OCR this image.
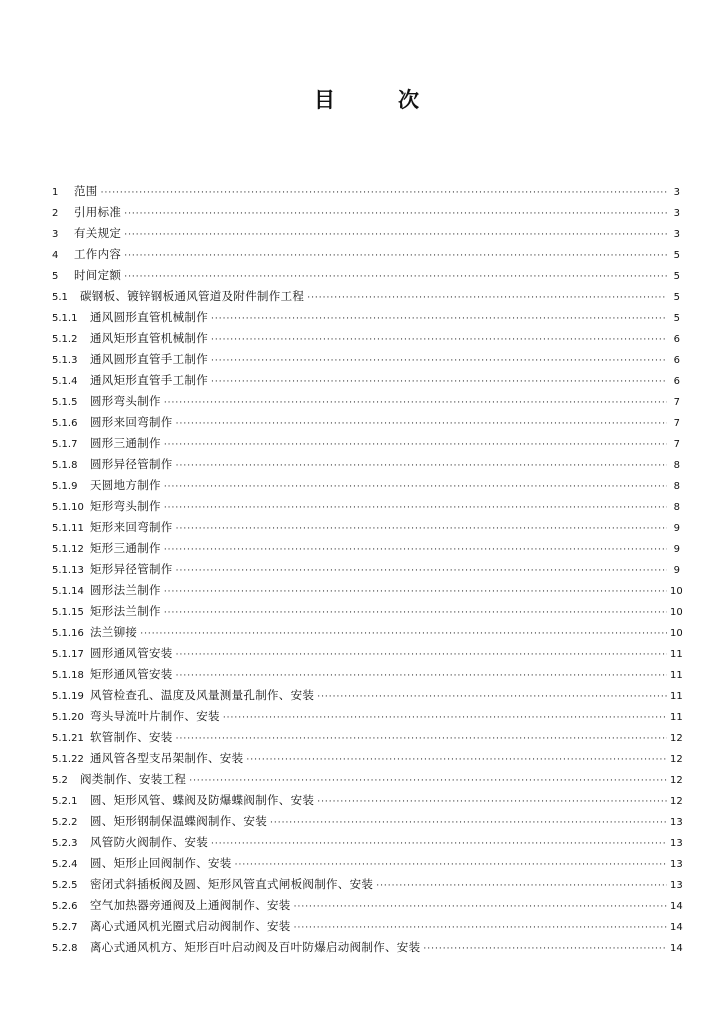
目	次
1	范围 ·····	3
2	引用标准 ·····	3
3	有关规定 ·····	3
4	工作内容 ·····	5
5	时间定额 ·····	5
5.1	碳钢板、镀锌钢板通风管道及附件制作工程 ·····	5
5.1.1	通风圆形直管机械制作 ·····	5
5.1.2	通风矩形直管机械制作 ·····	6
5.1.3	通风圆形直管手工制作 ·····	6
5.1.4	通风矩形直管手工制作 ·····	6
5.1.5	圆形弯头制作 ·····	7
5.1.6	圆形来回弯制作 ·····	7
5.1.7	圆形三通制作 ·····	7
5.1.8	圆形异径管制作 ·····	8
5.1.9	天圆地方制作 ·····	8
5.1.10 矩形弯头制作 ·····	8
5.1.11 矩形来回弯制作 ·····	9
5.1.12 矩形三通制作 ·····	9
5.1.13 矩形异径管制作 ·····	9
5.1.14 圆形法兰制作 ·····	10
5.1.15 矩形法兰制作 ·····	10
5.1.16 法兰铆接 ·····	10
5.1.17 圆形通风管安装 ·····	11
5.1.18 矩形通风管安装 ·····	11
5.1.19 风管检查孔、温度及风量测量孔制作、安装 ·····	11
5.1.20 弯头导流叶片制作、安装 ·····	11
5.1.21 软管制作、安装 ·····	12
5.1.22 通风管各型支吊架制作、安装 ·····	12
5.2	阀类制作、安装工程 ·····	12
5.2.1	圆、矩形风管、蝶阀及防爆蝶阀制作、安装 ·····	12
5.2.2	圆、矩形钢制保温蝶阀制作、安装 ·····	13
5.2.3	风管防火阀制作、安装 ·····	13
5.2.4	圆、矩形止回阀制作、安装 ·····	13
5.2.5	密闭式斜插板阀及圆、矩形风管直式闸板阀制作、安装 ·····	13
5.2.6	空气加热器旁通阀及上通阀制作、安装 ·····	14
5.2.7	离心式通风机光圈式启动阀制作、安装 ·····	14
5.2.8	离心式通风机方、矩形百叶启动阀及百叶防爆启动阀制作、安装 ·····	14
